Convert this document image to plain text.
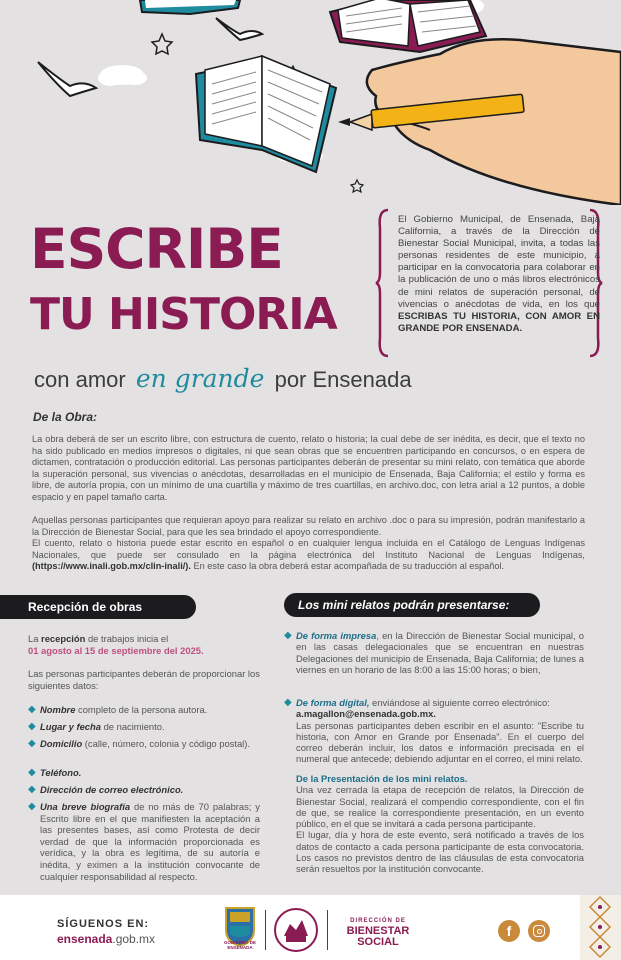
ESCRIBE
TU HISTORIA
con amor en grande por Ensenada
El Gobierno Municipal, de Ensenada, Baja California, a través de la Dirección de Bienestar Social Municipal, invita, a todas las personas residentes de este municipio, a participar en la convocatoria para colaborar en la publicación de uno o más libros electrónicos de mini relatos de superación personal, de vivencias o anécdotas de vida, en los que ESCRIBAS TU HISTORIA, CON AMOR EN GRANDE POR ENSENADA.
De la Obra:
La obra deberá de ser un escrito libre, con estructura de cuento, relato o historia; la cual debe de ser inédita, es decir, que el texto no ha sido publicado en medios impresos o digitales, ni que sean obras que se encuentren participando en concursos, o en espera de dictamen, contratación o producción editorial. Las personas participantes deberán de presentar su mini relato, con temática que aborde la superación personal, sus vivencias o anécdotas, desarrolladas en el municipio de Ensenada, Baja California; el estilo y forma es libre, de autoría propia, con un mínimo de una cuartilla y máximo de tres cuartillas, en archivo.doc, con letra arial a 12 puntos, a doble espacio y en papel tamaño carta.
Aquellas personas participantes que requieran apoyo para realizar su relato en archivo .doc o para su impresión, podrán manifestarlo a la Dirección de Bienestar Social, para que les sea brindado el apoyo correspondiente.
El cuento, relato o historia puede estar escrito en español o en cualquier lengua incluida en el Catálogo de Lenguas Indígenas Nacionales, que puede ser consulado en la página electrónica del Instituto Nacional de Lenguas Indígenas, (https://www.inali.gob.mx/clin-inali/). En este caso la obra deberá estar acompañada de su traducción al español.
Recepción de obras	Los mini relatos podrán presentarse:
La recepción de trabajos inicia el
01 agosto al 15 de septiembre del 2025.
Las personas participantes deberán de proporcionar los siguientes datos:
◆ Nombre completo de la persona autora.
◆ Lugar y fecha de nacimiento.
◆ Domicilio (calle, número, colonia y código postal).
◆ Teléfono.
◆ Dirección de correo electrónico.
◆ Una breve biografía de no más de 70 palabras; y Escrito libre en el que manifiesten la aceptación a las presentes bases, así como Protesta de decir verdad de que la información proporcionada es verídica, y la obra es legítima, de su autoría e inédita, y eximen a la institución convocante de cualquier responsabilidad al respecto.
◆ De forma impresa, en la Dirección de Bienestar Social municipal, o en las casas delegacionales que se encuentran en nuestras Delegaciones del municipio de Ensenada, Baja California; de lunes a viernes en un horario de las 8:00 a las 15:00 horas; o bien,
◆ De forma digital, enviándose al siguiente correo electrónico:
a.magallon@ensenada.gob.mx.
Las personas participantes deben escribir en el asunto: "Escribe tu historia, con Amor en Grande por Ensenada". En el cuerpo del correo deberán incluir, los datos e información precisada en el numeral que antecede; debiendo adjuntar en el correo, el mini relato.
De la Presentación de los mini relatos.
Una vez cerrada la etapa de recepción de relatos, la Dirección de Bienestar Social, realizará el compendio correspondiente, con el fin de que, se realice la correspondiente presentación, en un evento público, en el que se invitará a cada persona participante.
El lugar, día y hora de este evento, será notificado a través de los datos de contacto a cada persona participante de esta convocatoria. Los casos no previstos dentro de las cláusulas de esta convocatoria serán resueltos por la institución convocante.
SÍGUENOS EN:
ensenada.gob.mx	GOBIERNO DE ENSENADA
DIRECCIÓN DE
BIENESTAR
SOCIAL
f
